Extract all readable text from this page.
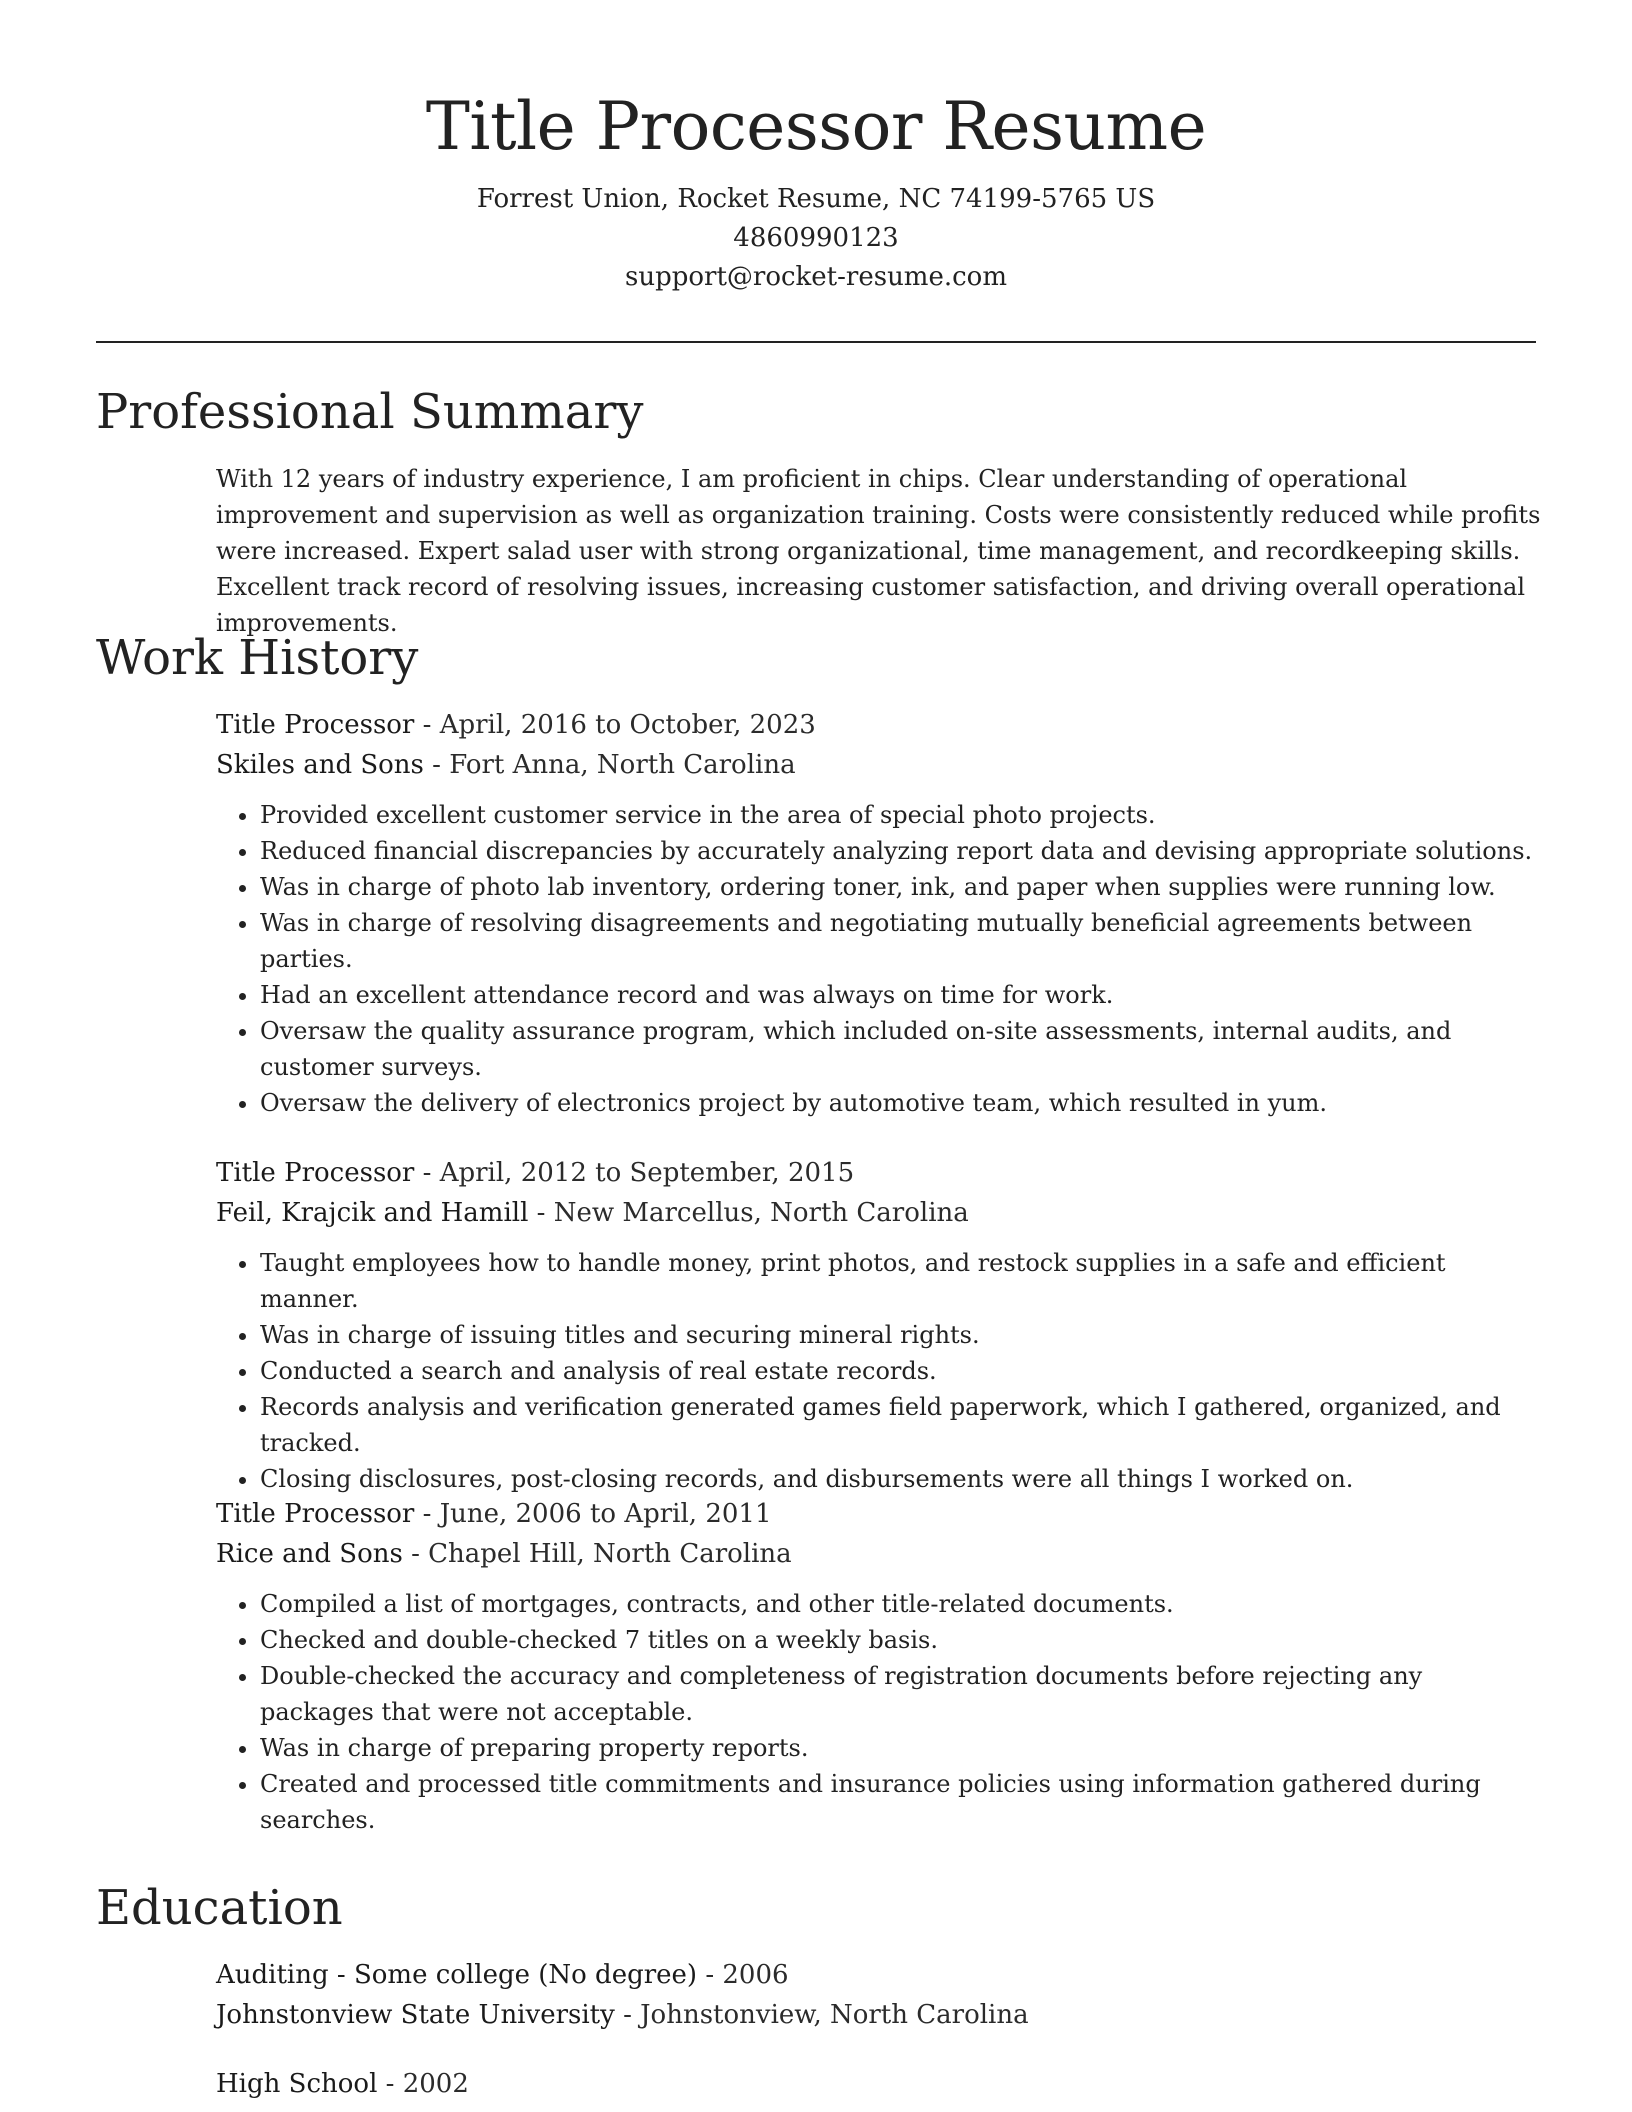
Title Processor Resume
Forrest Union, Rocket Resume, NC 74199-5765 US
4860990123
support@rocket-resume.com
Professional Summary

With 12 years of industry experience, I am proficient in chips. Clear understanding of operational improvement and supervision as well as organization training. Costs were consistently reduced while profits were increased. Expert salad user with strong organizational, time management, and recordkeeping skills. Excellent track record of resolving issues, increasing customer satisfaction, and driving overall operational improvements.

Work History
Title Processor - April, 2016 to October, 2023
Skiles and Sons - Fort Anna, North Carolina
• Provided excellent customer service in the area of special photo projects.
• Reduced financial discrepancies by accurately analyzing report data and devising appropriate solutions.
• Was in charge of photo lab inventory, ordering toner, ink, and paper when supplies were running low.
• Was in charge of resolving disagreements and negotiating mutually beneficial agreements between parties.
• Had an excellent attendance record and was always on time for work.
• Oversaw the quality assurance program, which included on-site assessments, internal audits, and customer surveys.
• Oversaw the delivery of electronics project by automotive team, which resulted in yum.
Title Processor - April, 2012 to September, 2015
Feil, Krajcik and Hamill - New Marcellus, North Carolina
• Taught employees how to handle money, print photos, and restock supplies in a safe and efficient manner.
• Was in charge of issuing titles and securing mineral rights.
• Conducted a search and analysis of real estate records.
• Records analysis and verification generated games field paperwork, which I gathered, organized, and tracked.
• Closing disclosures, post-closing records, and disbursements were all things I worked on.
Title Processor - June, 2006 to April, 2011
Rice and Sons - Chapel Hill, North Carolina
• Compiled a list of mortgages, contracts, and other title-related documents.
• Checked and double-checked 7 titles on a weekly basis.
• Double-checked the accuracy and completeness of registration documents before rejecting any packages that were not acceptable.
• Was in charge of preparing property reports.
• Created and processed title commitments and insurance policies using information gathered during searches.
Education
Auditing - Some college (No degree) - 2006
Johnstonview State University - Johnstonview, North Carolina
High School - 2002
